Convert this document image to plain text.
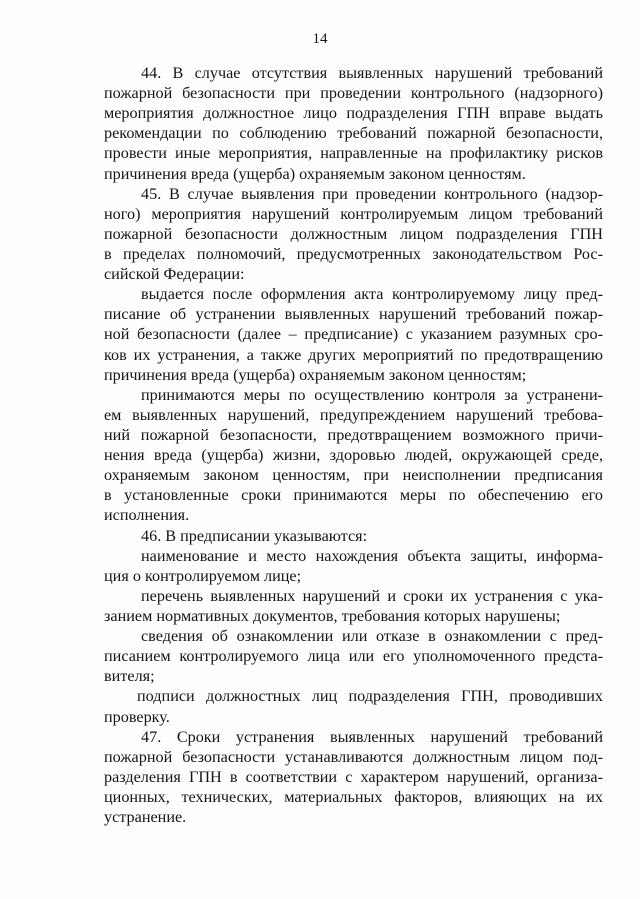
14
44. В случае отсутствия выявленных нарушений требований
пожарной безопасности при проведении контрольного (надзорного)
мероприятия должностное лицо подразделения ГПН вправе выдать
рекомендации по соблюдению требований пожарной безопасности,
провести иные мероприятия, направленные на профилактику рисков
причинения вреда (ущерба) охраняемым законом ценностям.
45. В случае выявления при проведении контрольного (надзор-
ного) мероприятия нарушений контролируемым лицом требований
пожарной безопасности должностным лицом подразделения ГПН
в пределах полномочий, предусмотренных законодательством Рос-
сийской Федерации:
выдается после оформления акта контролируемому лицу пред-
писание об устранении выявленных нарушений требований пожар-
ной безопасности (далее – предписание) с указанием разумных сро-
ков их устранения, а также других мероприятий по предотвращению
причинения вреда (ущерба) охраняемым законом ценностям;
принимаются меры по осуществлению контроля за устранени-
ем выявленных нарушений, предупреждением нарушений требова-
ний пожарной безопасности, предотвращением возможного причи-
нения вреда (ущерба) жизни, здоровью людей, окружающей среде,
охраняемым законом ценностям, при неисполнении предписания
в установленные сроки принимаются меры по обеспечению его
исполнения.
46. В предписании указываются:
наименование и место нахождения объекта защиты, информа-
ция о контролируемом лице;
перечень выявленных нарушений и сроки их устранения с ука-
занием нормативных документов, требования которых нарушены;
сведения об ознакомлении или отказе в ознакомлении с пред-
писанием контролируемого лица или его уполномоченного предста-
вителя;
подписи должностных лиц подразделения ГПН, проводивших
проверку.
47. Сроки устранения выявленных нарушений требований
пожарной безопасности устанавливаются должностным лицом под-
разделения ГПН в соответствии с характером нарушений, организа-
ционных, технических, материальных факторов, влияющих на их
устранение.
